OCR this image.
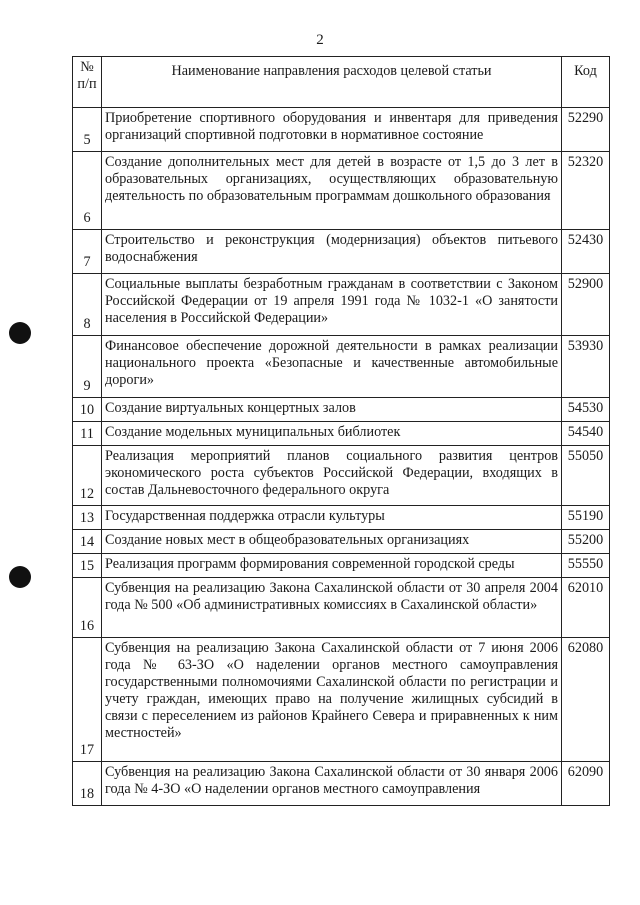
2
№ п/п	Наименование направления расходов целевой статьи	Код
5	Приобретение спортивного оборудования и инвентаря для приведения организаций спортивной подготовки в нормативное состояние	52290
6	Создание дополнительных мест для детей в возрасте от 1,5 до 3 лет в образовательных организациях, осуществляющих образовательную деятельность по образовательным программам дошкольного образования	52320
7	Строительство и реконструкция (модернизация) объектов питьевого водоснабжения	52430
8	Социальные выплаты безработным гражданам в соответствии с Законом Российской Федерации от 19 апреля 1991 года № 1032-1 «О занятости населения в Российской Федерации»	52900
9	Финансовое обеспечение дорожной деятельности в рамках реализации национального проекта «Безопасные и качественные автомобильные дороги»	53930
10	Создание виртуальных концертных залов	54530
11	Создание модельных муниципальных библиотек	54540
12	Реализация мероприятий планов социального развития центров экономического роста субъектов Российской Федерации, входящих в состав Дальневосточного федерального округа	55050
13	Государственная поддержка отрасли культуры	55190
14	Создание новых мест в общеобразовательных организациях	55200
15	Реализация программ формирования современной городской среды	55550
16	Субвенция на реализацию Закона Сахалинской области от 30 апреля 2004 года № 500 «Об административных комиссиях в Сахалинской области»	62010
17	Субвенция на реализацию Закона Сахалинской области от 7 июня 2006 года № 63-ЗО «О наделении органов местного самоуправления государственными полномочиями Сахалинской области по регистрации и учету граждан, имеющих право на получение жилищных субсидий в связи с переселением из районов Крайнего Севера и приравненных к ним местностей»	62080
18	Субвенция на реализацию Закона Сахалинской области от 30 января 2006 года № 4-ЗО «О наделении органов местного самоуправления	62090
